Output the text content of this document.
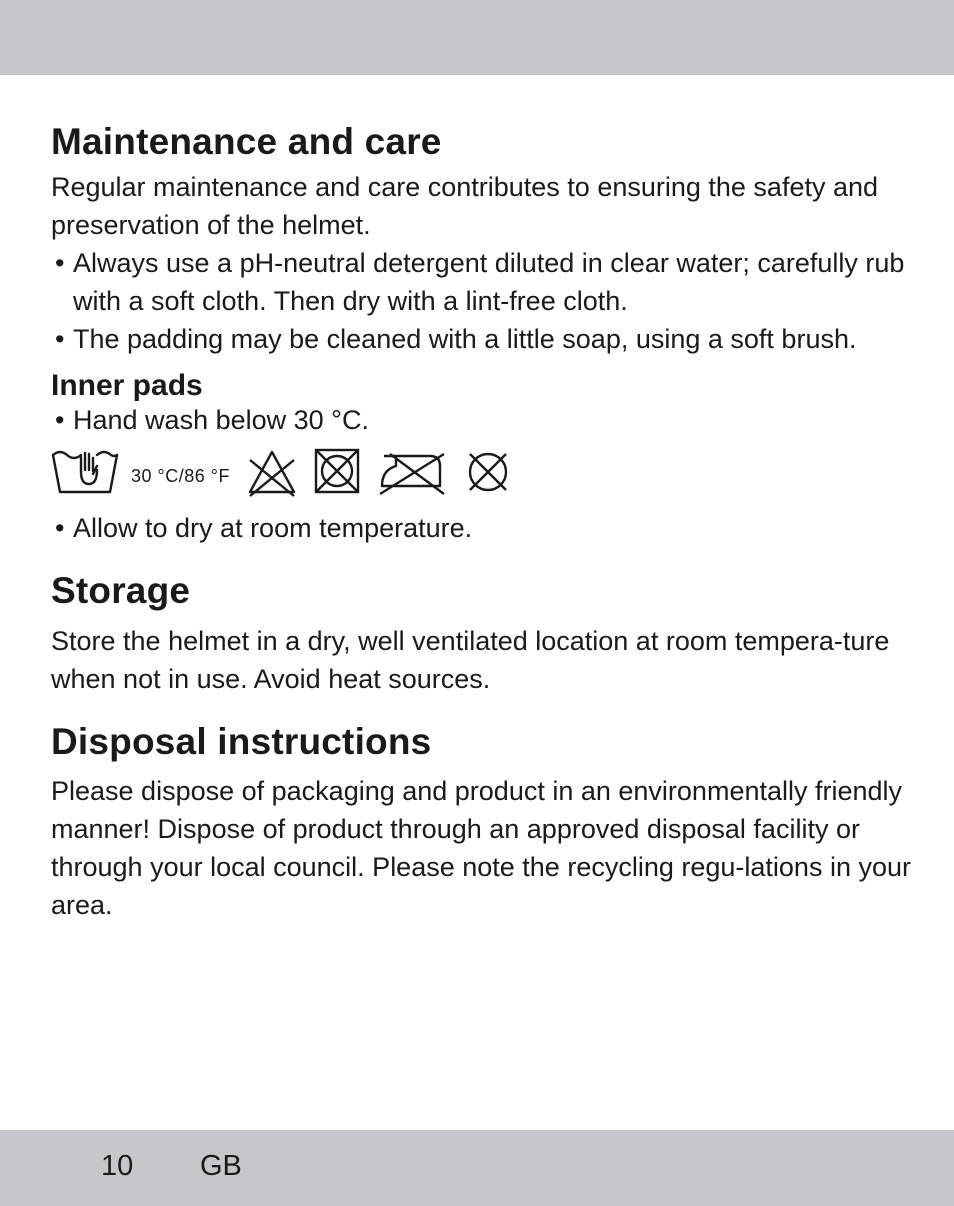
Maintenance and care

Regular maintenance and care contributes to ensuring the safety and preservation of the helmet.

• Always use a pH-neutral detergent diluted in clear water; carefully rub with a soft cloth. Then dry with a lint-free cloth.
• The padding may be cleaned with a little soap, using a soft brush.
Inner pads
• Hand wash below 30 °C.
30 °C/86 °F
• Allow to dry at room temperature.
Storage

Store the helmet in a dry, well ventilated location at room tempera-ture when not in use. Avoid heat sources.

Disposal instructions

Please dispose of packaging and product in an environmentally friendly manner! Dispose of product through an approved disposal facility or through your local council. Please note the recycling regu-lations in your area.

10 GB
